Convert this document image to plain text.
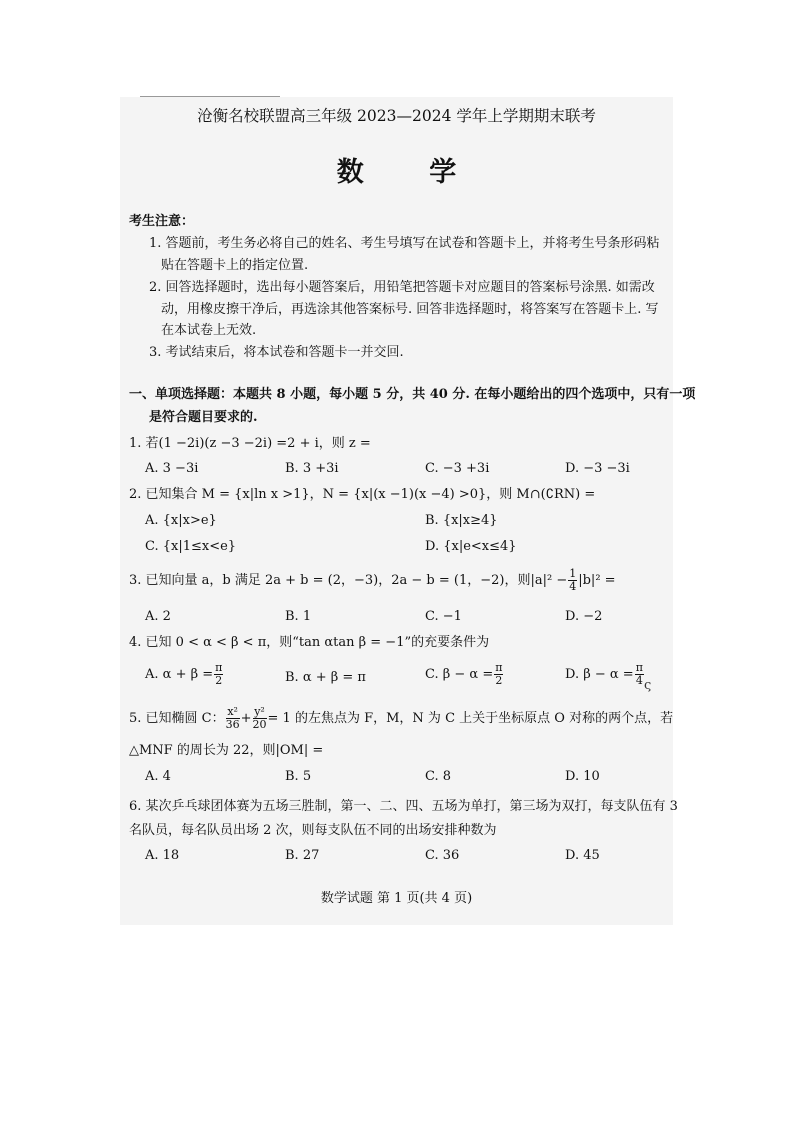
沧衡名校联盟高三年级 2023—2024 学年上学期期末联考
数 学
考生注意：
1. 答题前，考生务必将自己的姓名、考生号填写在试卷和答题卡上，并将考生号条形码粘
贴在答题卡上的指定位置.
2. 回答选择题时，选出每小题答案后，用铅笔把答题卡对应题目的答案标号涂黑. 如需改
动，用橡皮擦干净后，再选涂其他答案标号. 回答非选择题时，将答案写在答题卡上. 写
在本试卷上无效.
3. 考试结束后，将本试卷和答题卡一并交回.
一、单项选择题：本题共 8 小题，每小题 5 分，共 40 分. 在每小题给出的四个选项中，只有一项
是符合题目要求的.
1. 若(1 −2i)(z −3 −2i) =2 + i，则 z =
A. 3 −3i	B. 3 +3i	C. −3 +3i	D. −3 −3i
2. 已知集合 M = {x|ln x >1}，N = {x|(x −1)(x −4) >0}，则 M∩(∁RN) =
A. {x|x>e}	B. {x|x≥4}
C. {x|1≤x<e}	D. {x|e<x≤4}
3. 已知向量 a，b 满足 2a + b = (2，−3)，2a − b = (1，−2)，则$|a|^2 - \frac{1}{4} |b|^2$ =
A. 2	B. 1	C. −1	D. −2
4. 已知 0 < α < β < π，则“tan αtan β = −1”的充要条件为
A. $\alpha + \beta = \frac{\pi}{2}$	B. α + β = π	C. $\beta - \alpha = \frac{\pi}{2}$	D. $\beta - \alpha = \frac{\pi}{4}$ ς
5. 已知椭圆 C： $\frac{\text{x²}}{36} + \frac{\text{y²}}{20} = 1$ 的左焦点为 F，M，N 为 C 上关于坐标原点 O 对称的两个点，若
△MNF 的周长为 22，则|OM| =
A. 4	B. 5	C. 8	D. 10
6. 某次乒乓球团体赛为五场三胜制，第一、二、四、五场为单打，第三场为双打，每支队伍有 3
名队员，每名队员出场 2 次，则每支队伍不同的出场安排种数为
A. 18	B. 27	C. 36	D. 45
数学试题 第 1 页(共 4 页)
